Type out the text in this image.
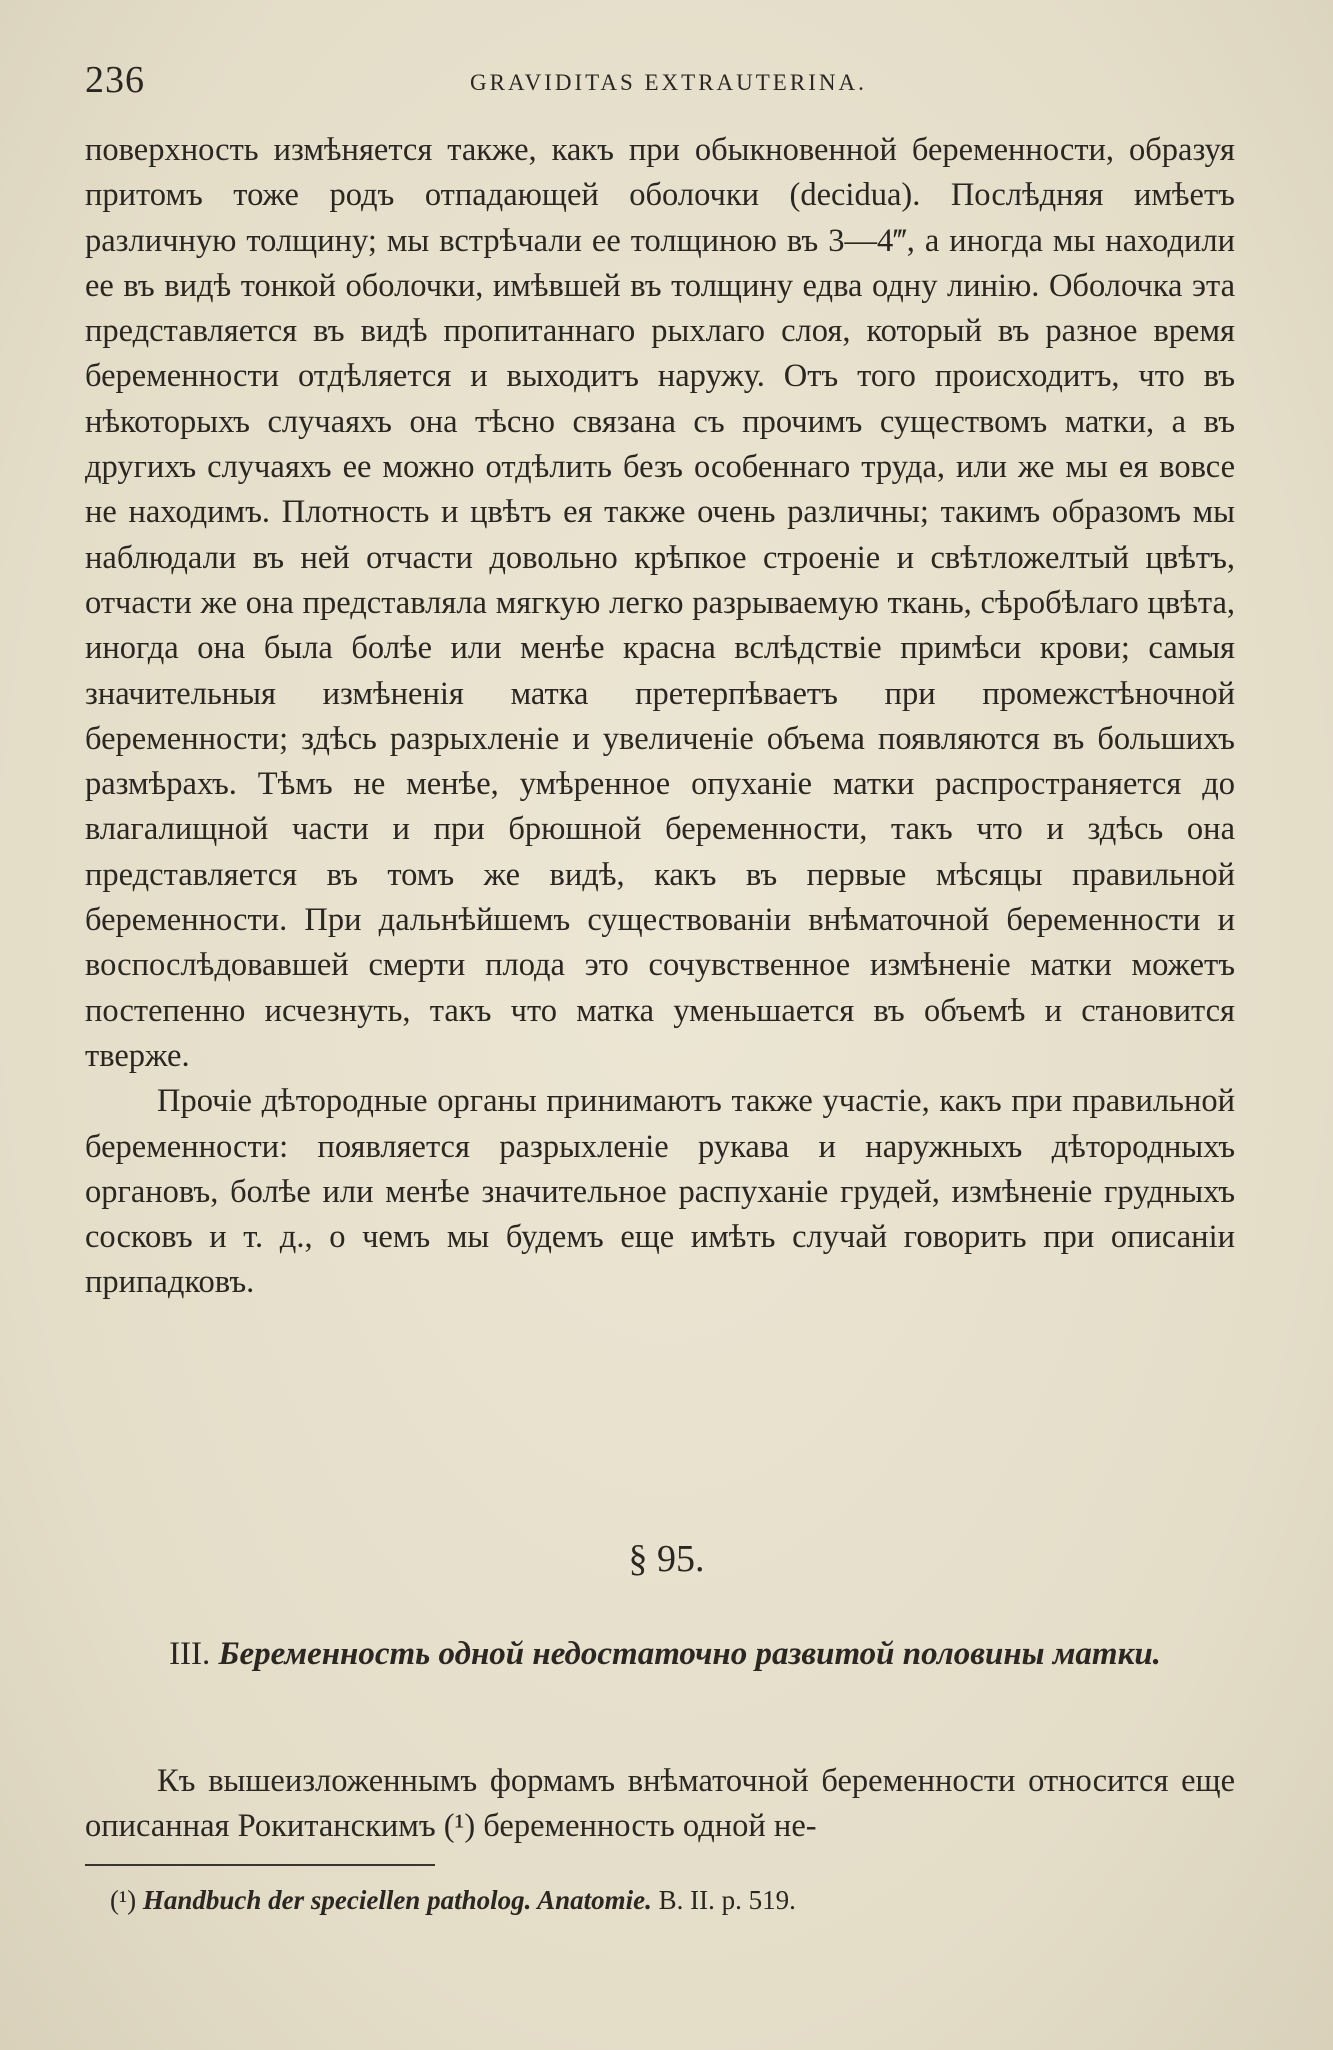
236	GRAVIDITAS EXTRAUTERINA.

поверхность измѣняется также, какъ при обыкновенной беременности, образуя притомъ тоже родъ отпадающей оболочки (decidua). Послѣдняя имѣетъ различную толщину; мы встрѣчали ее толщиною въ 3—4‴, а иногда мы находили ее въ видѣ тонкой оболочки, имѣвшей въ толщину едва одну линію. Оболочка эта представляется въ видѣ пропитаннаго рыхлаго слоя, который въ разное время беременности отдѣляется и выходитъ наружу. Отъ того происходитъ, что въ нѣкоторыхъ случаяхъ она тѣсно связана съ прочимъ существомъ матки, а въ другихъ случаяхъ ее можно отдѣлить безъ особеннаго труда, или же мы ея вовсе не находимъ. Плотность и цвѣтъ ея также очень различны; такимъ образомъ мы наблюдали въ ней отчасти довольно крѣпкое строеніе и свѣтложелтый цвѣтъ, отчасти же она представляла мягкую легко разрываемую ткань, сѣробѣлаго цвѣта, иногда она была болѣе или менѣе красна вслѣдствіе примѣси крови; самыя значительныя измѣненія матка претерпѣваетъ при промежстѣночной беременности; здѣсь разрыхленіе и увеличеніе объема появляются въ большихъ размѣрахъ. Тѣмъ не менѣе, умѣренное опуханіе матки распространяется до влагалищной части и при брюшной беременности, такъ что и здѣсь она представляется въ томъ же видѣ, какъ въ первые мѣсяцы правильной беременности. При дальнѣйшемъ существованіи внѣматочной беременности и воспослѣдовавшей смерти плода это сочувственное измѣненіе матки можетъ постепенно исчезнуть, такъ что матка уменьшается въ объемѣ и становится тверже.

Прочіе дѣтородные органы принимаютъ также участіе, какъ при правильной беременности: появляется разрыхленіе рукава и наружныхъ дѣтородныхъ органовъ, болѣе или менѣе значительное распуханіе грудей, измѣненіе грудныхъ сосковъ и т. д., о чемъ мы будемъ еще имѣть случай говорить при описаніи припадковъ.

§ 95.
III. Беременность одной недостаточно развитой половины матки.

Къ вышеизложеннымъ формамъ внѣматочной беременности относится еще описанная Рокитанскимъ (¹) беременность одной не-

(¹) Handbuch der speciellen patholog. Anatomie. B. II. p. 519.
